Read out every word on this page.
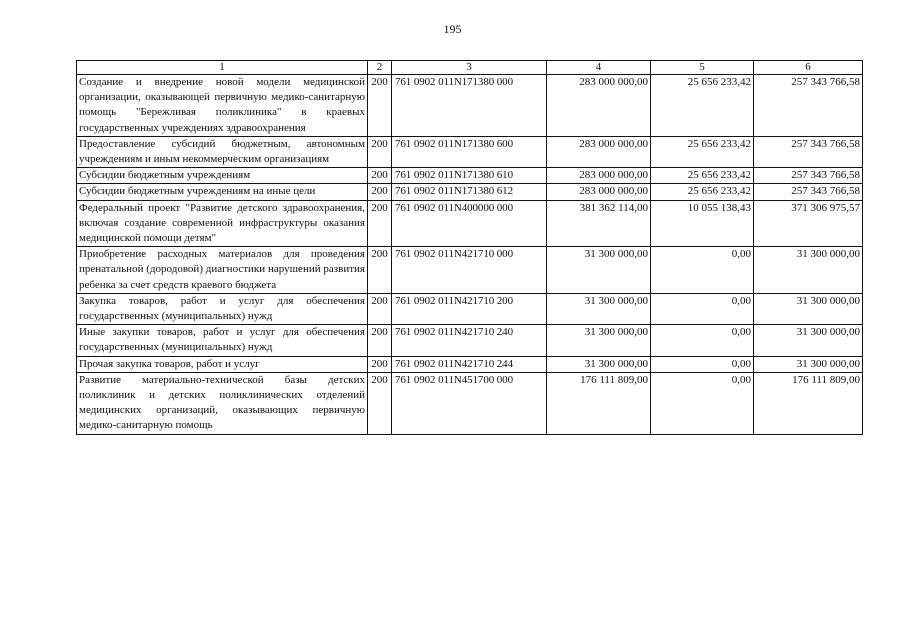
195
1	2	3	4	5	6
Создание и внедрение новой модели медицинской организации, оказывающей первичную медико-санитарную помощь "Бережливая поликлиника" в краевых государственных учреждениях здравоохранения	200	761 0902 011N171380 000	283 000 000,00	25 656 233,42	257 343 766,58
Предоставление субсидий бюджетным, автономным учреждениям и иным некоммерческим организациям	200	761 0902 011N171380 600	283 000 000,00	25 656 233,42	257 343 766,58
Субсидии бюджетным учреждениям	200	761 0902 011N171380 610	283 000 000,00	25 656 233,42	257 343 766,58
Субсидии бюджетным учреждениям на иные цели	200	761 0902 011N171380 612	283 000 000,00	25 656 233,42	257 343 766,58
Федеральный проект "Развитие детского здравоохранения, включая создание современной инфраструктуры оказания медицинской помощи детям"	200	761 0902 011N400000 000	381 362 114,00	10 055 138,43	371 306 975,57
Приобретение расходных материалов для проведения пренатальной (дородовой) диагностики нарушений развития ребенка за счет средств краевого бюджета	200	761 0902 011N421710 000	31 300 000,00	0,00	31 300 000,00
Закупка товаров, работ и услуг для обеспечения государственных (муниципальных) нужд	200	761 0902 011N421710 200	31 300 000,00	0,00	31 300 000,00
Иные закупки товаров, работ и услуг для обеспечения государственных (муниципальных) нужд	200	761 0902 011N421710 240	31 300 000,00	0,00	31 300 000,00
Прочая закупка товаров, работ и услуг	200	761 0902 011N421710 244	31 300 000,00	0,00	31 300 000,00
Развитие материально-технической базы детских поликлиник и детских поликлинических отделений медицинских организаций, оказывающих первичную медико-санитарную помощь	200	761 0902 011N451700 000	176 111 809,00	0,00	176 111 809,00
